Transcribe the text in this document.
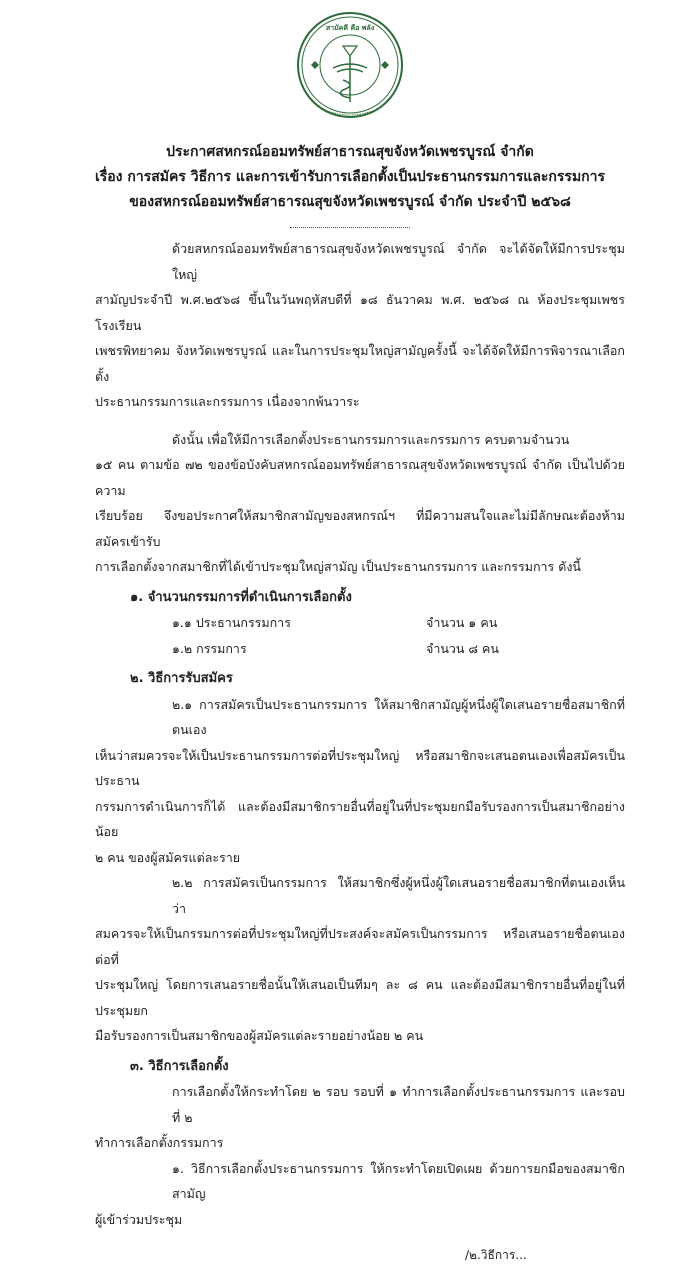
สามัคคี คือ พลัง
ประกาศสหกรณ์ออมทรัพย์สาธารณสุขจังหวัดเพชรบูรณ์ จำกัด
เรื่อง การสมัคร วิธีการ และการเข้ารับการเลือกตั้งเป็นประธานกรรมการและกรรมการ
ของสหกรณ์ออมทรัพย์สาธารณสุขจังหวัดเพชรบูรณ์ จำกัด ประจำปี ๒๕๖๘
ด้วยสหกรณ์ออมทรัพย์สาธารณสุขจังหวัดเพชรบูรณ์ จำกัด จะได้จัดให้มีการประชุมใหญ่
สามัญประจำปี พ.ศ.๒๕๖๘ ขึ้นในวันพฤหัสบดีที่ ๑๘ ธันวาคม พ.ศ. ๒๕๖๘ ณ ห้องประชุมเพชร โรงเรียน
เพชรพิทยาคม จังหวัดเพชรบูรณ์ และในการประชุมใหญ่สามัญครั้งนี้ จะได้จัดให้มีการพิจารณาเลือกตั้ง
ประธานกรรมการและกรรมการ เนื่องจากพ้นวาระ
ดังนั้น เพื่อให้มีการเลือกตั้งประธานกรรมการและกรรมการ ครบตามจำนวน
๑๕ คน ตามข้อ ๗๒ ของข้อบังคับสหกรณ์ออมทรัพย์สาธารณสุขจังหวัดเพชรบูรณ์ จำกัด เป็นไปด้วยความ
เรียบร้อย จึงขอประกาศให้สมาชิกสามัญของสหกรณ์ฯ ที่มีความสนใจและไม่มีลักษณะต้องห้าม สมัครเข้ารับ
การเลือกตั้งจากสมาชิกที่ได้เข้าประชุมใหญ่สามัญ เป็นประธานกรรมการ และกรรมการ ดังนี้
๑. จำนวนกรรมการที่ดำเนินการเลือกตั้ง
๑.๑ ประธานกรรมการ	จำนวน ๑ คน
๑.๒ กรรมการ	จำนวน ๘ คน
๒. วิธีการรับสมัคร
๒.๑ การสมัครเป็นประธานกรรมการ ให้สมาชิกสามัญผู้หนึ่งผู้ใดเสนอรายชื่อสมาชิกที่ตนเอง
เห็นว่าสมควรจะให้เป็นประธานกรรมการต่อที่ประชุมใหญ่ หรือสมาชิกจะเสนอตนเองเพื่อสมัครเป็นประธาน
กรรมการดำเนินการก็ได้ และต้องมีสมาชิกรายอื่นที่อยู่ในที่ประชุมยกมือรับรองการเป็นสมาชิกอย่างน้อย
๒ คน ของผู้สมัครแต่ละราย
๒.๒ การสมัครเป็นกรรมการ ให้สมาชิกซึ่งผู้หนึ่งผู้ใดเสนอรายชื่อสมาชิกที่ตนเองเห็นว่า
สมควรจะให้เป็นกรรมการต่อที่ประชุมใหญ่ที่ประสงค์จะสมัครเป็นกรรมการ หรือเสนอรายชื่อตนเองต่อที่
ประชุมใหญ่ โดยการเสนอรายชื่อนั้นให้เสนอเป็นทีมๆ ละ ๘ คน และต้องมีสมาชิกรายอื่นที่อยู่ในที่ประชุมยก
มือรับรองการเป็นสมาชิกของผู้สมัครแต่ละรายอย่างน้อย ๒ คน
๓. วิธีการเลือกตั้ง
การเลือกตั้งให้กระทำโดย ๒ รอบ รอบที่ ๑ ทำการเลือกตั้งประธานกรรมการ และรอบที่ ๒
ทำการเลือกตั้งกรรมการ
๑. วิธีการเลือกตั้งประธานกรรมการ ให้กระทำโดยเปิดเผย ด้วยการยกมือของสมาชิกสามัญ
ผู้เข้าร่วมประชุม
/๒.วิธีการ...
